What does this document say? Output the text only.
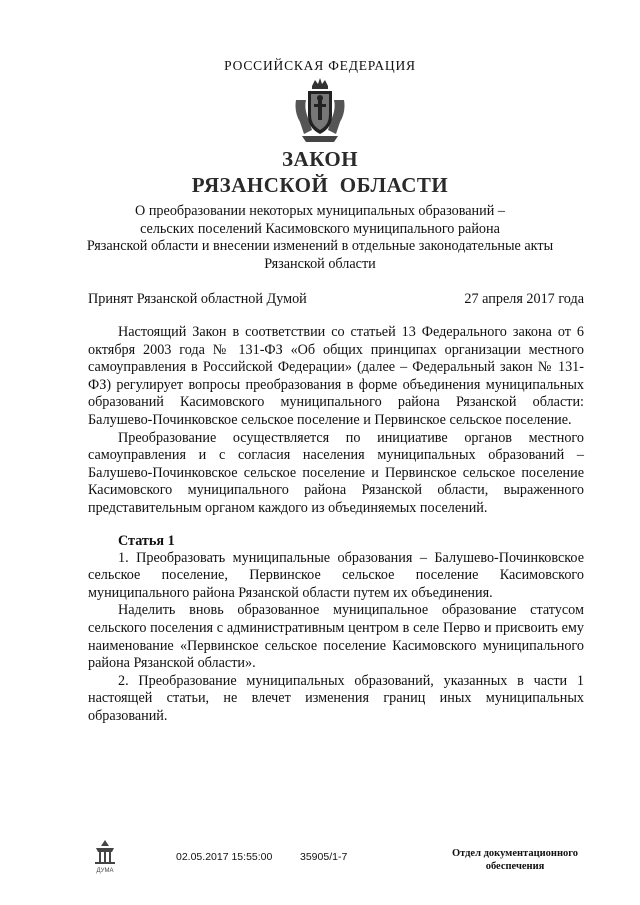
РОССИЙСКАЯ ФЕДЕРАЦИЯ
ЗАКОН
РЯЗАНСКОЙ  ОБЛАСТИ
О преобразовании некоторых муниципальных образований –
сельских поселений Касимовского муниципального района
Рязанской области и внесении изменений в отдельные законодательные акты
Рязанской области
Принят Рязанской областной Думой	27 апреля 2017 года

Настоящий Закон в соответствии со статьей 13 Федерального закона от 6 октября 2003 года № 131-ФЗ «Об общих принципах организации местного самоуправления в Российской Федерации» (далее – Федеральный закон № 131-ФЗ) регулирует вопросы преобразования в форме объединения муниципальных образований Касимовского муниципального района Рязанской области: Балушево-Починковское сельское поселение и Первинское сельское поселение.

Преобразование осуществляется по инициативе органов местного самоуправления и с согласия населения муниципальных образований – Балушево-Починковское сельское поселение и Первинское сельское поселение Касимовского муниципального района Рязанской области, выраженного представительным органом каждого из объединяемых поселений.

Статья 1

1. Преобразовать муниципальные образования – Балушево-Починковское сельское поселение, Первинское сельское поселение Касимовского муниципального района Рязанской области путем их объединения.

Наделить вновь образованное муниципальное образование статусом сельского поселения с административным центром в селе Перво и присвоить ему наименование «Первинское сельское поселение Касимовского муниципального района Рязанской области».

2. Преобразование муниципальных образований, указанных в части 1 настоящей статьи, не влечет изменения границ иных муниципальных образований.

ДУМА
02.05.2017 15:55:00	35905/1-7	Отдел документационного
обеспечения
